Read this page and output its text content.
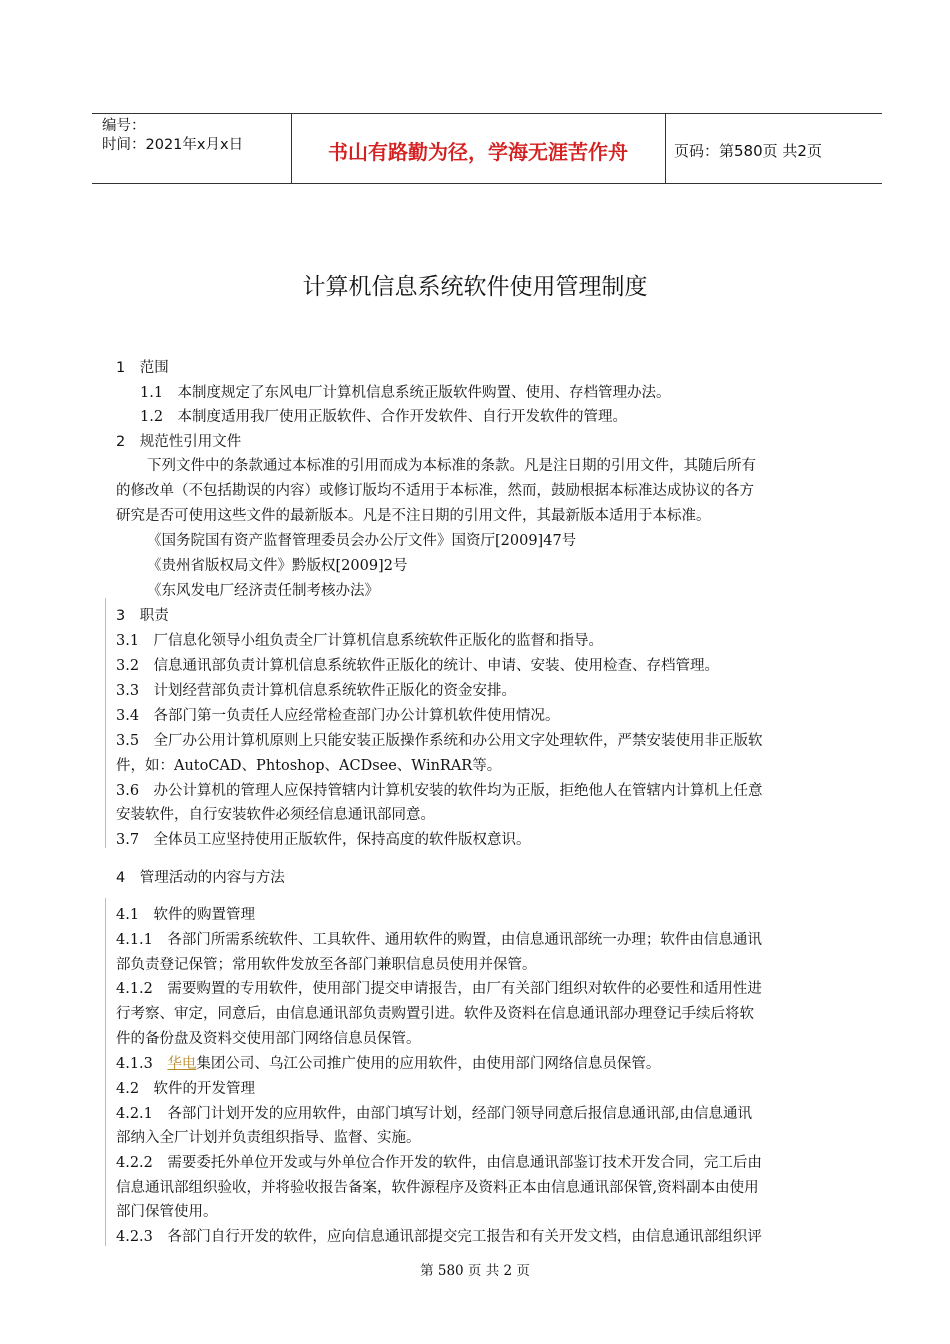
编号：
时间：2021年x月x日	书山有路勤为径，学海无涯苦作舟	页码：第580页 共2页
计算机信息系统软件使用管理制度
1　范围
1.1　本制度规定了东风电厂计算机信息系统正版软件购置、使用、存档管理办法。
1.2　本制度适用我厂使用正版软件、合作开发软件、自行开发软件的管理。
2　规范性引用文件
下列文件中的条款通过本标准的引用而成为本标准的条款。凡是注日期的引用文件，其随后所有
的修改单（不包括勘误的内容）或修订版均不适用于本标准，然而，鼓励根据本标准达成协议的各方
研究是否可使用这些文件的最新版本。凡是不注日期的引用文件，其最新版本适用于本标准。
《国务院国有资产监督管理委员会办公厅文件》国资厅[2009]47号
《贵州省版权局文件》黔版权[2009]2号
《东风发电厂经济责任制考核办法》
3　职责
3.1　厂信息化领导小组负责全厂计算机信息系统软件正版化的监督和指导。
3.2　信息通讯部负责计算机信息系统软件正版化的统计、申请、安装、使用检查、存档管理。
3.3　计划经营部负责计算机信息系统软件正版化的资金安排。
3.4　各部门第一负责任人应经常检查部门办公计算机软件使用情况。
3.5　全厂办公用计算机原则上只能安装正版操作系统和办公用文字处理软件，严禁安装使用非正版软
件，如：AutoCAD、Phtoshop、ACDsee、WinRAR等。
3.6　办公计算机的管理人应保持管辖内计算机安装的软件均为正版，拒绝他人在管辖内计算机上任意
安装软件，自行安装软件必须经信息通讯部同意。
3.7　全体员工应坚持使用正版软件，保持高度的软件版权意识。
4　管理活动的内容与方法
4.1　软件的购置管理
4.1.1　各部门所需系统软件、工具软件、通用软件的购置，由信息通讯部统一办理；软件由信息通讯
部负责登记保管；常用软件发放至各部门兼职信息员使用并保管。
4.1.2　需要购置的专用软件，使用部门提交申请报告，由厂有关部门组织对软件的必要性和适用性进
行考察、审定，同意后，由信息通讯部负责购置引进。软件及资料在信息通讯部办理登记手续后将软
件的备份盘及资料交使用部门网络信息员保管。
4.1.3　华电集团公司、乌江公司推广使用的应用软件，由使用部门网络信息员保管。
4.2　软件的开发管理
4.2.1　各部门计划开发的应用软件，由部门填写计划，经部门领导同意后报信息通讯部,由信息通讯
部纳入全厂计划并负责组织指导、监督、实施。
4.2.2　需要委托外单位开发或与外单位合作开发的软件，由信息通讯部鉴订技术开发合同，完工后由
信息通讯部组织验收，并将验收报告备案，软件源程序及资料正本由信息通讯部保管,资料副本由使用
部门保管使用。
4.2.3　各部门自行开发的软件，应向信息通讯部提交完工报告和有关开发文档，由信息通讯部组织评
第 580 页 共 2 页
